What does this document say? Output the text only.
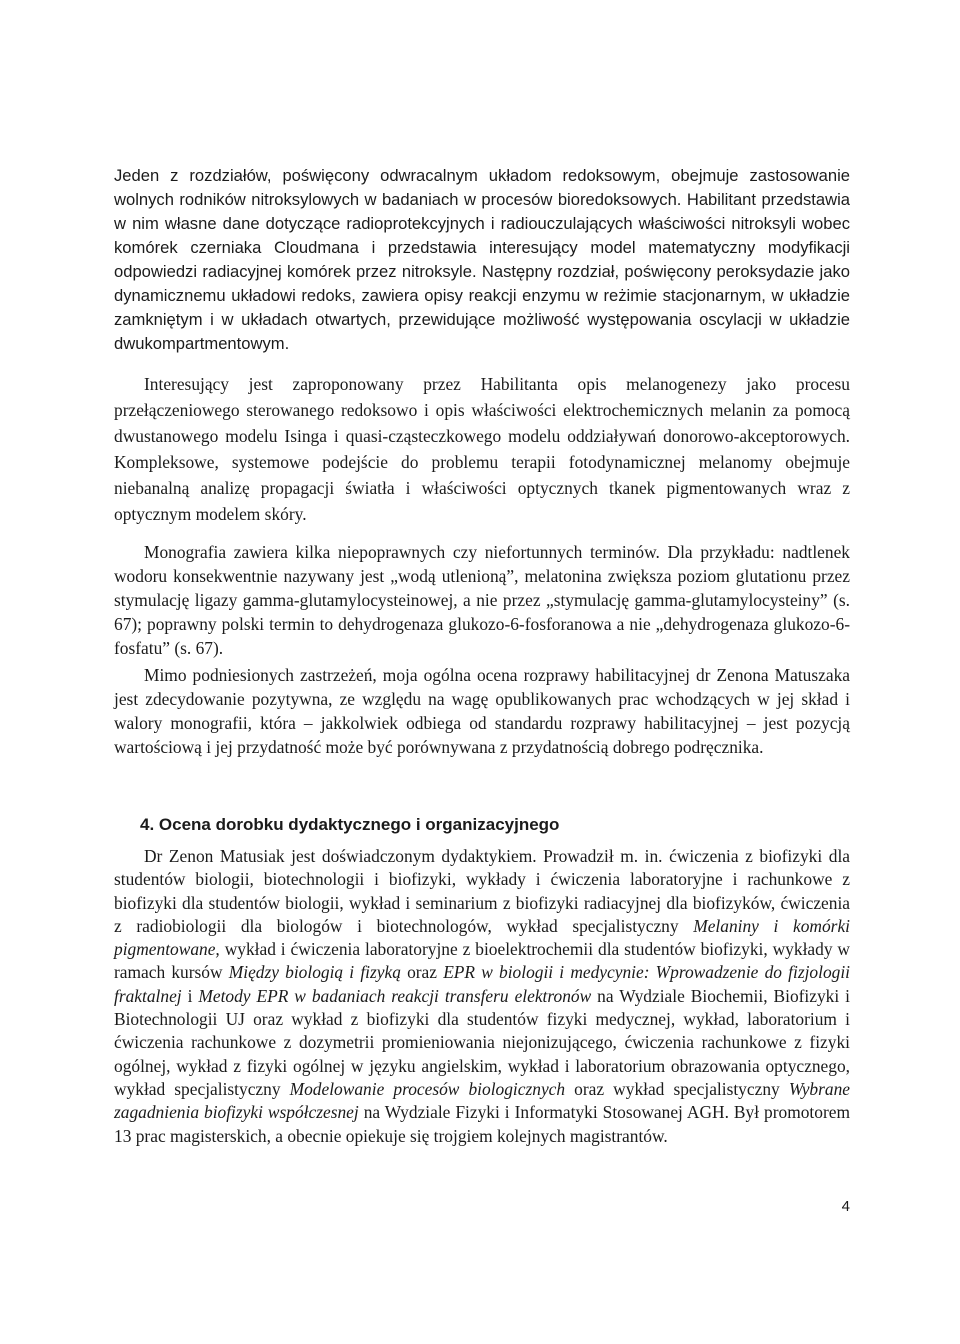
Jeden z rozdziałów, poświęcony odwracalnym układom redoksowym, obejmuje zastosowanie wolnych rodników nitroksylowych w badaniach w procesów bioredoksowych. Habilitant przedstawia w nim własne dane dotyczące radioprotekcyjnych i radiouczulających właściwości nitroksyli wobec komórek czerniaka Cloudmana i przedstawia interesujący model matematyczny modyfikacji odpowiedzi radiacyjnej komórek przez nitroksyle. Następny rozdział, poświęcony peroksydazie jako dynamicznemu układowi redoks, zawiera opisy reakcji enzymu w reżimie stacjonarnym, w układzie zamkniętym i w układach otwartych, przewidujące możliwość występowania oscylacji w układzie dwukompartmentowym.

Interesujący jest zaproponowany przez Habilitanta opis melanogenezy jako procesu przełączeniowego sterowanego redoksowo i opis właściwości elektrochemicznych melanin za pomocą dwustanowego modelu Isinga i quasi-cząsteczkowego modelu oddziaływań donorowo-akceptorowych. Kompleksowe, systemowe podejście do problemu terapii fotodynamicznej melanomy obejmuje niebanalną analizę propagacji światła i właściwości optycznych tkanek pigmentowanych wraz z optycznym modelem skóry.

Monografia zawiera kilka niepoprawnych czy niefortunnych terminów. Dla przykładu: nadtlenek wodoru konsekwentnie nazywany jest „wodą utlenioną”, melatonina zwiększa poziom glutationu przez stymulację ligazy gamma-glutamylocysteinowej, a nie przez „stymulację gamma-glutamylocysteiny” (s. 67); poprawny polski termin to dehydrogenaza glukozo-6-fosforanowa a nie „dehydrogenaza glukozo-6-fosfatu” (s. 67).

Mimo podniesionych zastrzeżeń, moja ogólna ocena rozprawy habilitacyjnej dr Zenona Matuszaka jest zdecydowanie pozytywna, ze względu na wagę opublikowanych prac wchodzących w jej skład i walory monografii, która – jakkolwiek odbiega od standardu rozprawy habilitacyjnej – jest pozycją wartościową i jej przydatność może być porównywana z przydatnością dobrego podręcznika.

4. Ocena dorobku dydaktycznego i organizacyjnego

Dr Zenon Matusiak jest doświadczonym dydaktykiem. Prowadził m. in. ćwiczenia z biofizyki dla studentów biologii, biotechnologii i biofizyki, wykłady i ćwiczenia laboratoryjne i rachunkowe z biofizyki dla studentów biologii, wykład i seminarium z biofizyki radiacyjnej dla biofizyków, ćwiczenia z radiobiologii dla biologów i biotechnologów, wykład specjalistyczny Melaniny i komórki pigmentowane, wykład i ćwiczenia laboratoryjne z bioelektrochemii dla studentów biofizyki, wykłady w ramach kursów Między biologią i fizyką oraz EPR w biologii i medycynie: Wprowadzenie do fizjologii fraktalnej i Metody EPR w badaniach reakcji transferu elektronów na Wydziale Biochemii, Biofizyki i Biotechnologii UJ oraz wykład z biofizyki dla studentów fizyki medycznej, wykład, laboratorium i ćwiczenia rachunkowe z dozymetrii promieniowania niejonizującego, ćwiczenia rachunkowe z fizyki ogólnej, wykład z fizyki ogólnej w języku angielskim, wykład i laboratorium obrazowania optycznego, wykład specjalistyczny Modelowanie procesów biologicznych oraz wykład specjalistyczny Wybrane zagadnienia biofizyki współczesnej na Wydziale Fizyki i Informatyki Stosowanej AGH. Był promotorem 13 prac magisterskich, a obecnie opiekuje się trojgiem kolejnych magistrantów.

4
